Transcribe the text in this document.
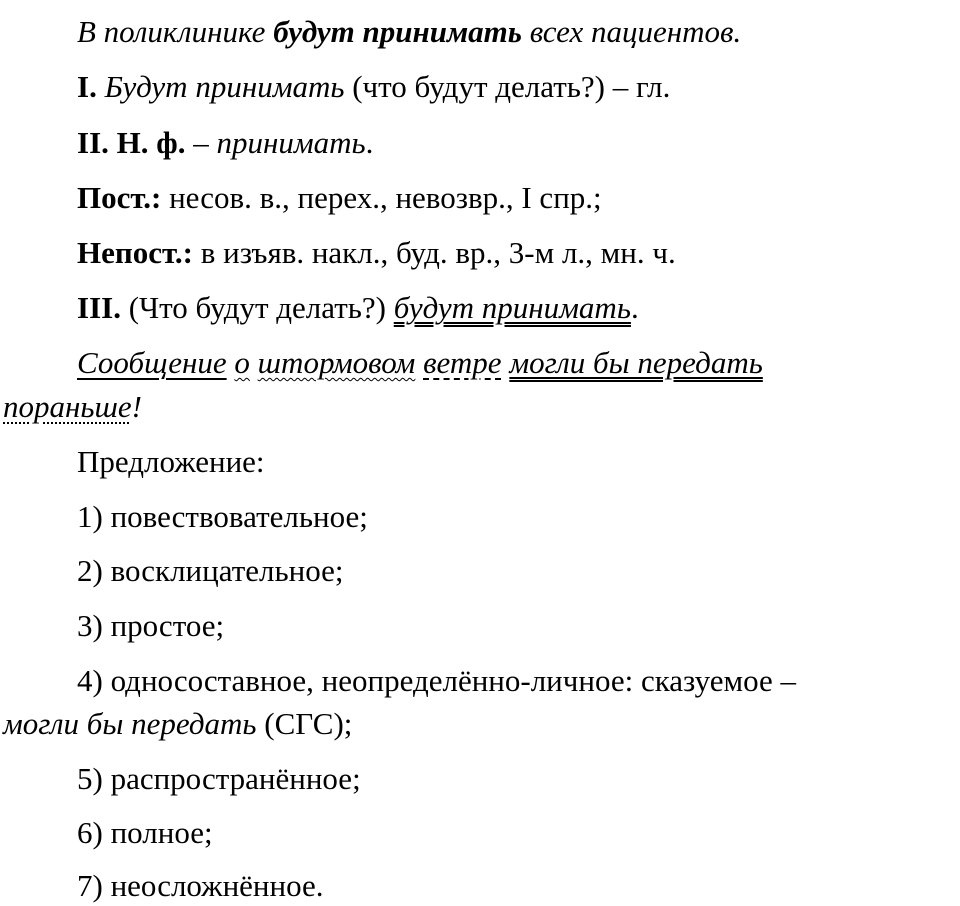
В поликлинике будут принимать всех пациентов.
I. Будут принимать (что будут делать?) – гл.
II. Н. ф. – принимать.
Пост.: несов. в., перех., невозвр., I спр.;
Непост.: в изъяв. накл., буд. вр., 3-м л., мн. ч.
III. (Что будут делать?) будут принимать.
Сообщение о штормовом ветре могли бы передать
пораньше!
Предложение:
1) повествовательное;
2) восклицательное;
3) простое;
4) односоставное, неопределённо-личное: сказуемое –
могли бы передать (СГС);
5) распространённое;
6) полное;
7) неосложнённое.
